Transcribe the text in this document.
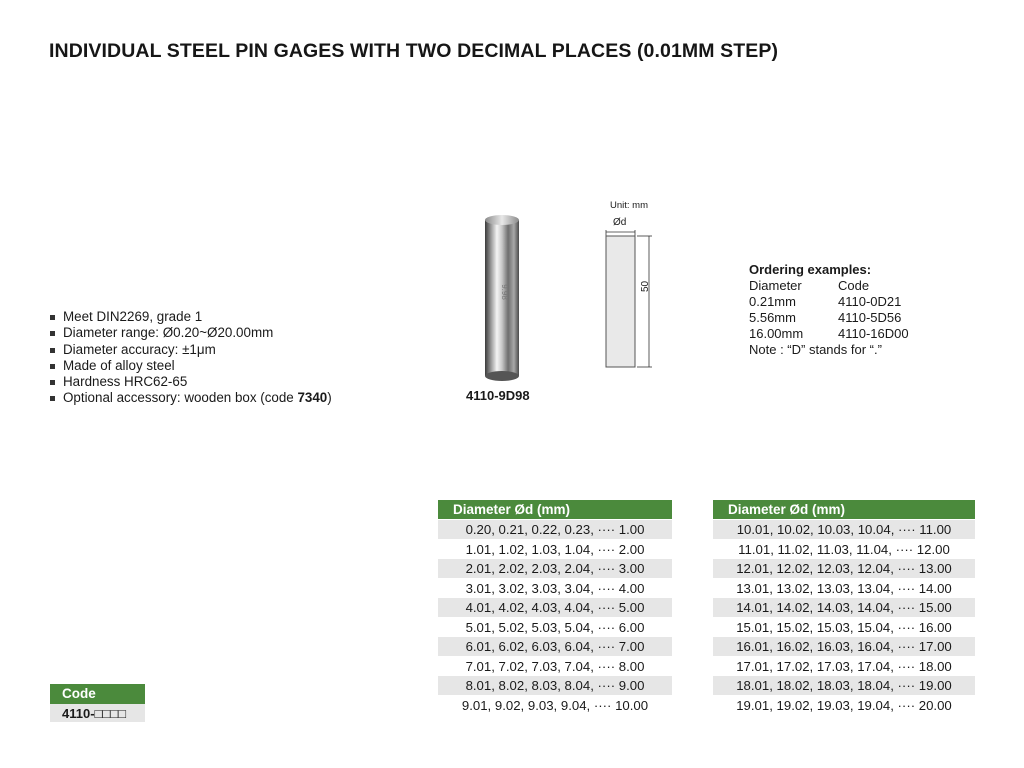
INDIVIDUAL STEEL PIN GAGES WITH TWO DECIMAL PLACES (0.01MM STEP)
Meet DIN2269, grade 1
Diameter range: Ø0.20~Ø20.00mm
Diameter accuracy: ±1μm
Made of alloy steel
Hardness HRC62-65
Optional accessory: wooden box (code 7340)
9.98
4110-9D98
Unit: mm
Ød
50
Ordering examples:
Diameter	Code
0.21mm	4110-0D21
5.56mm	4110-5D56
16.00mm	4110-16D00
Note : “D” stands for “.”
Code
4110-□□□□
Diameter Ød (mm)
0.20, 0.21, 0.22, 0.23, ···· 1.00
1.01, 1.02, 1.03, 1.04, ···· 2.00
2.01, 2.02, 2.03, 2.04, ···· 3.00
3.01, 3.02, 3.03, 3.04, ···· 4.00
4.01, 4.02, 4.03, 4.04, ···· 5.00
5.01, 5.02, 5.03, 5.04, ···· 6.00
6.01, 6.02, 6.03, 6.04, ···· 7.00
7.01, 7.02, 7.03, 7.04, ···· 8.00
8.01, 8.02, 8.03, 8.04, ···· 9.00
9.01, 9.02, 9.03, 9.04, ···· 10.00
Diameter Ød (mm)
10.01, 10.02, 10.03, 10.04, ···· 11.00
11.01, 11.02, 11.03, 11.04, ···· 12.00
12.01, 12.02, 12.03, 12.04, ···· 13.00
13.01, 13.02, 13.03, 13.04, ···· 14.00
14.01, 14.02, 14.03, 14.04, ···· 15.00
15.01, 15.02, 15.03, 15.04, ···· 16.00
16.01, 16.02, 16.03, 16.04, ···· 17.00
17.01, 17.02, 17.03, 17.04, ···· 18.00
18.01, 18.02, 18.03, 18.04, ···· 19.00
19.01, 19.02, 19.03, 19.04, ···· 20.00
